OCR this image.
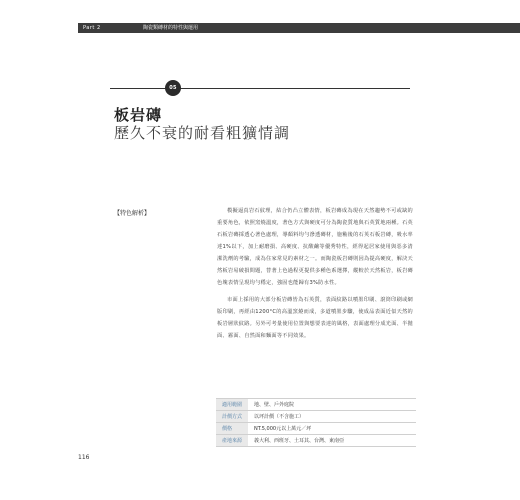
Part 2	陶瓷類磚材的特性與運用
05
板岩磚
歷久不衰的耐看粗獷情調
【特色解析】	模擬逼真岩石紋理，結合仍凸立體表情，板岩磚成為現在天然趨勢不可或缺的重要角色，依照窯燒溫度，著色方式與硬度可分為陶瓷質地與石英質地兩種。石英石板岩磚採透心著色處理，導顏料均勻滲透磚材，施釉後的石英石板岩磚，吸水率達1%以下，加上耐磨損、高硬度、抗酸鹼等優秀特性，經得起居家使用與惡多清潔洗劑的考驗，成為住家常見的素材之一。而陶瓷板岩磚則因為提高硬度，解決天然板岩易破損問題，替著上色過程更提供多種色系選擇，縱較於天然板岩，板岩磚色塊表情呈現均勻穩定，強固也能歸有3%防水性。

市面上採用的大部分板岩磚皆為石英質，表面紋路以噴墨印刷、滾筒印刷或網版印刷，再經由1200°C的高溫窯燒而成，多道噴墨步驟，使成品表面近似天然的板岩層狀紋路。另外可考量使用位置與想要表達的風格，表面處理分成光面、半拋面、霧面、自然面和麵面等不同效果。

適用範圍	地、壁、戶外庭院
計價方式	以坪計價（不含施工）
價格	NT.5,000元以上萬元／坪
產地來源	義大利、西班牙、土耳其、台灣、東南亞
116
